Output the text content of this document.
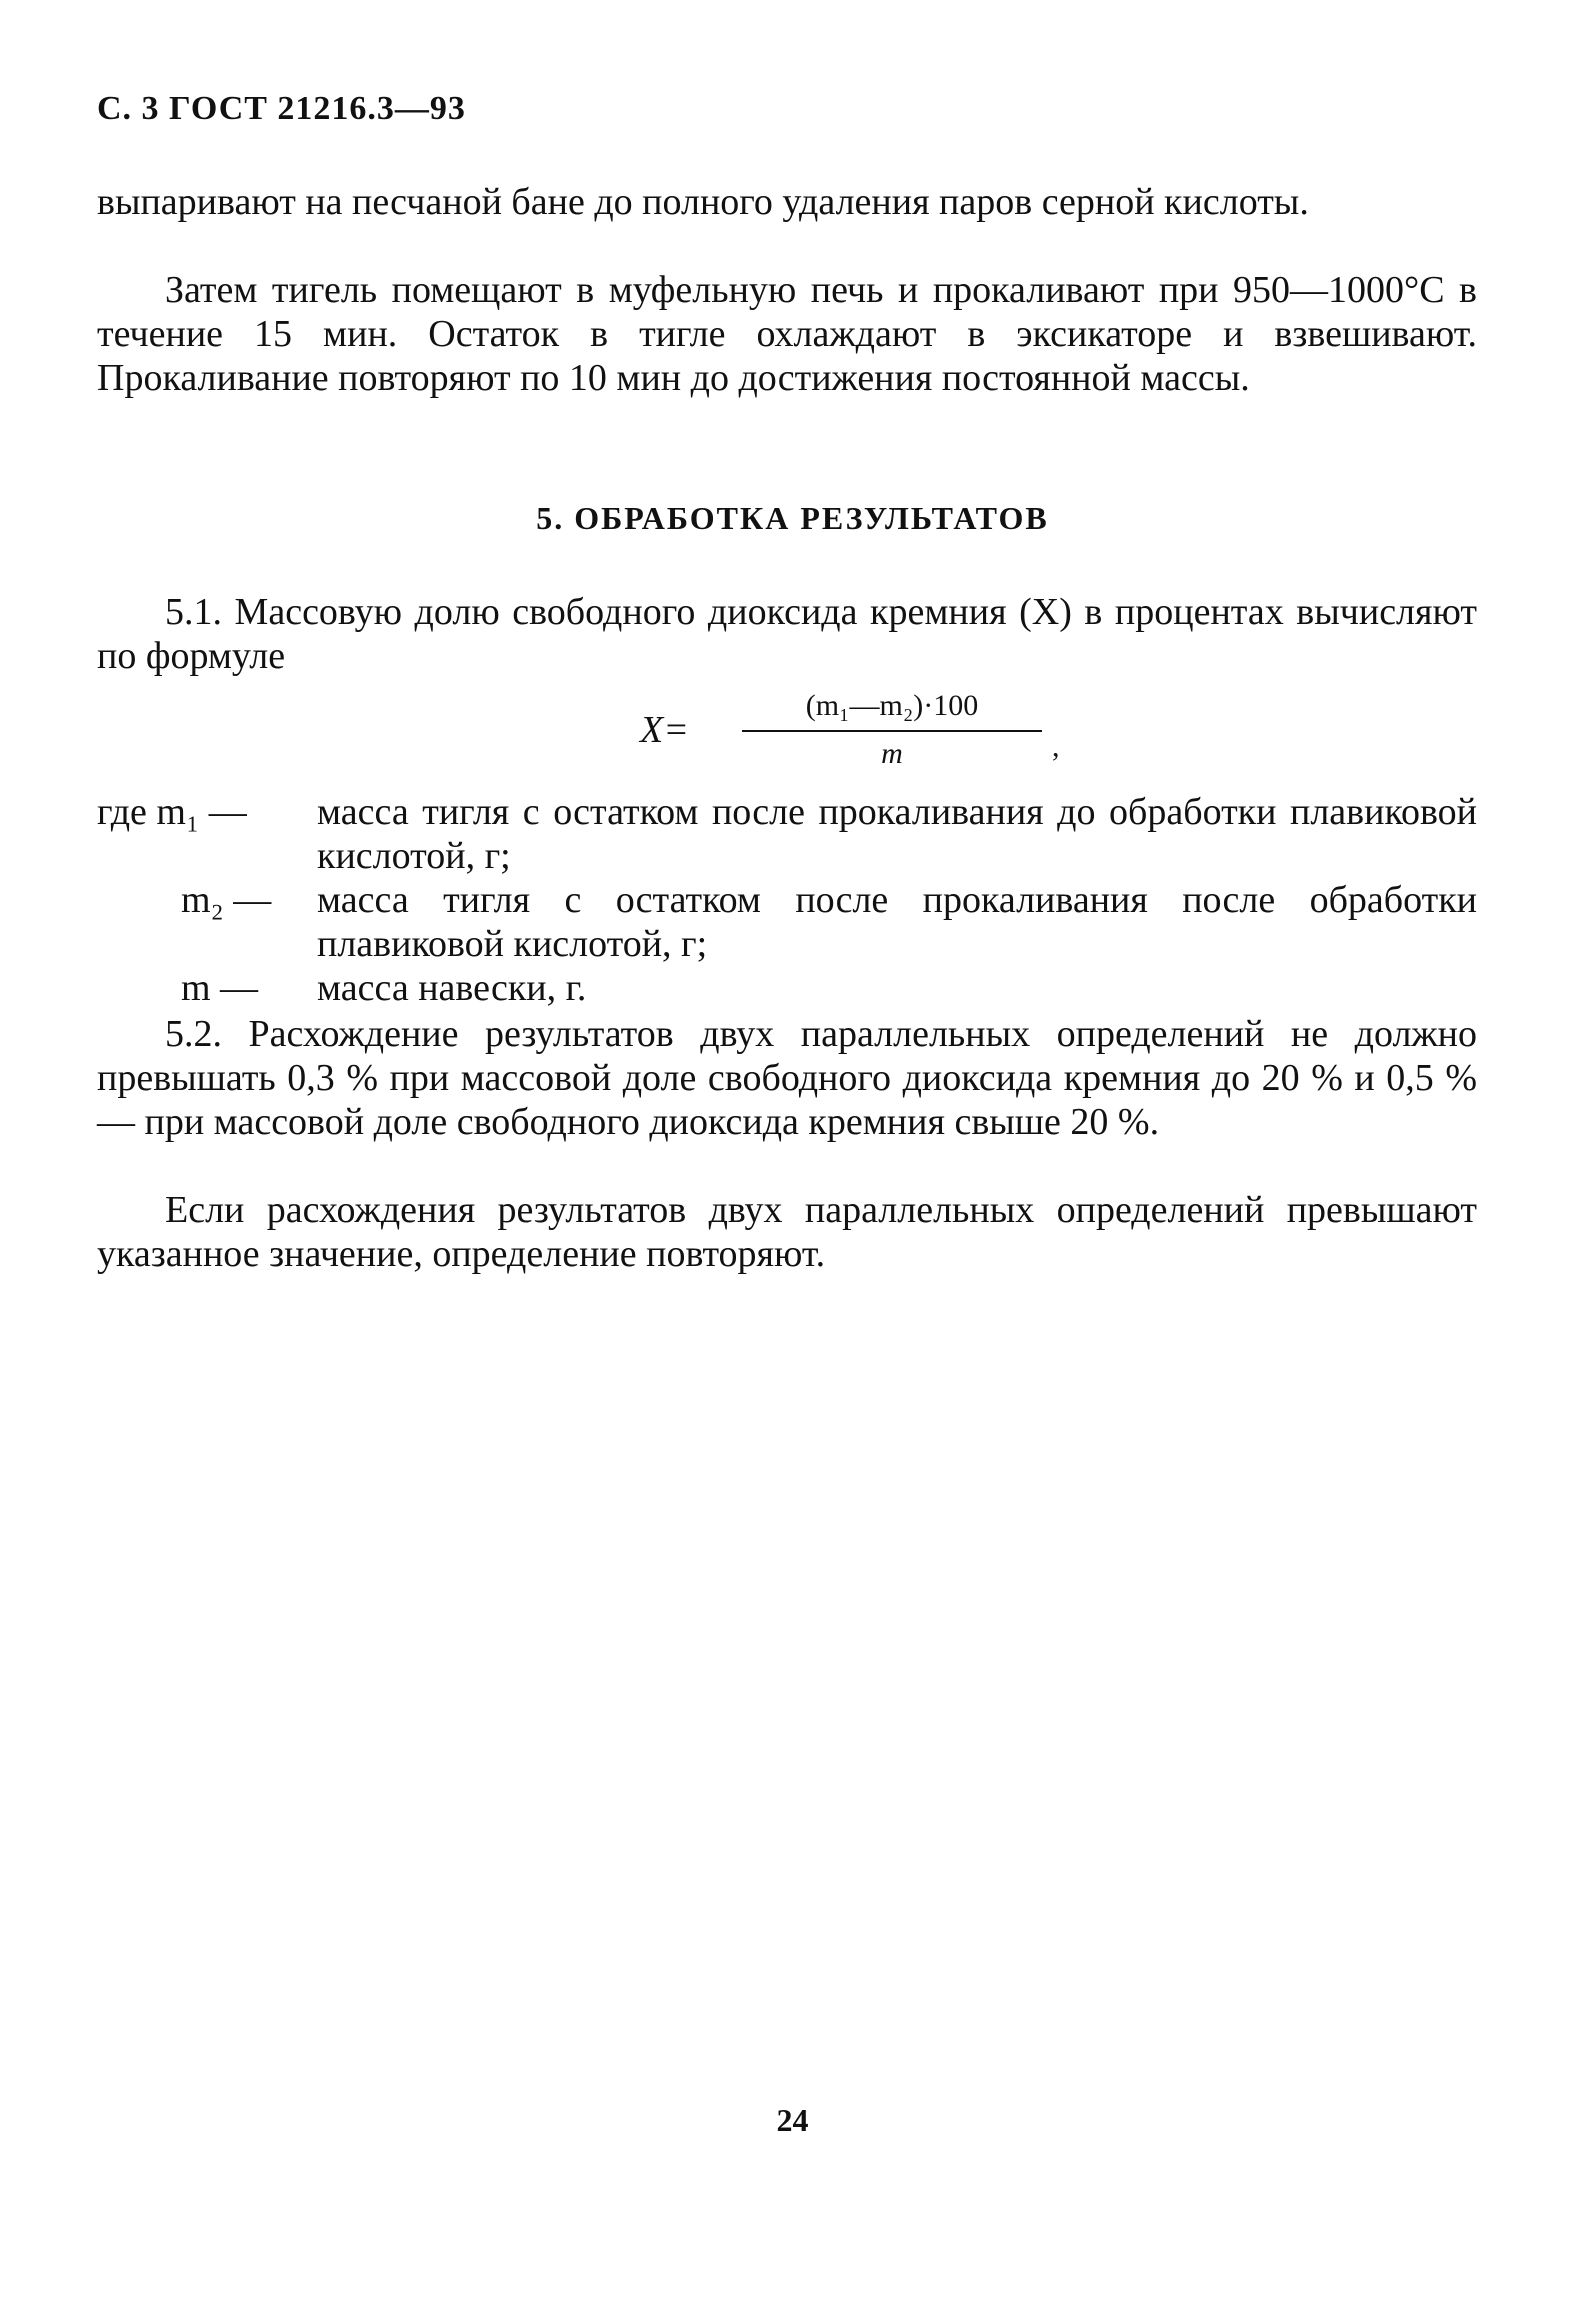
С. 3 ГОСТ 21216.3—93

выпаривают на песчаной бане до полного удаления паров серной кислоты.

Затем тигель помещают в муфельную печь и прокаливают при 950—1000°С в течение 15 мин. Остаток в тигле охлаждают в эксикаторе и взвешивают. Прокаливание повторяют по 10 мин до достижения постоянной массы.

5. ОБРАБОТКА РЕЗУЛЬТАТОВ

5.1. Массовую долю свободного диоксида кремния (X) в процентах вычисляют по формуле

X=
(m₁—m₂)·100
m	,
где m₁ — масса тигля с остатком после прокаливания до обработки плавиковой кислотой, г;
m₂ — масса тигля с остатком после прокаливания после обработки плавиковой кислотой, г;
m — масса навески, г.

5.2. Расхождение результатов двух параллельных определений не должно превышать 0,3 % при массовой доле свободного диоксида кремния до 20 % и 0,5 % — при массовой доле свободного диоксида кремния свыше 20 %.

Если расхождения результатов двух параллельных определений превышают указанное значение, определение повторяют.

24
